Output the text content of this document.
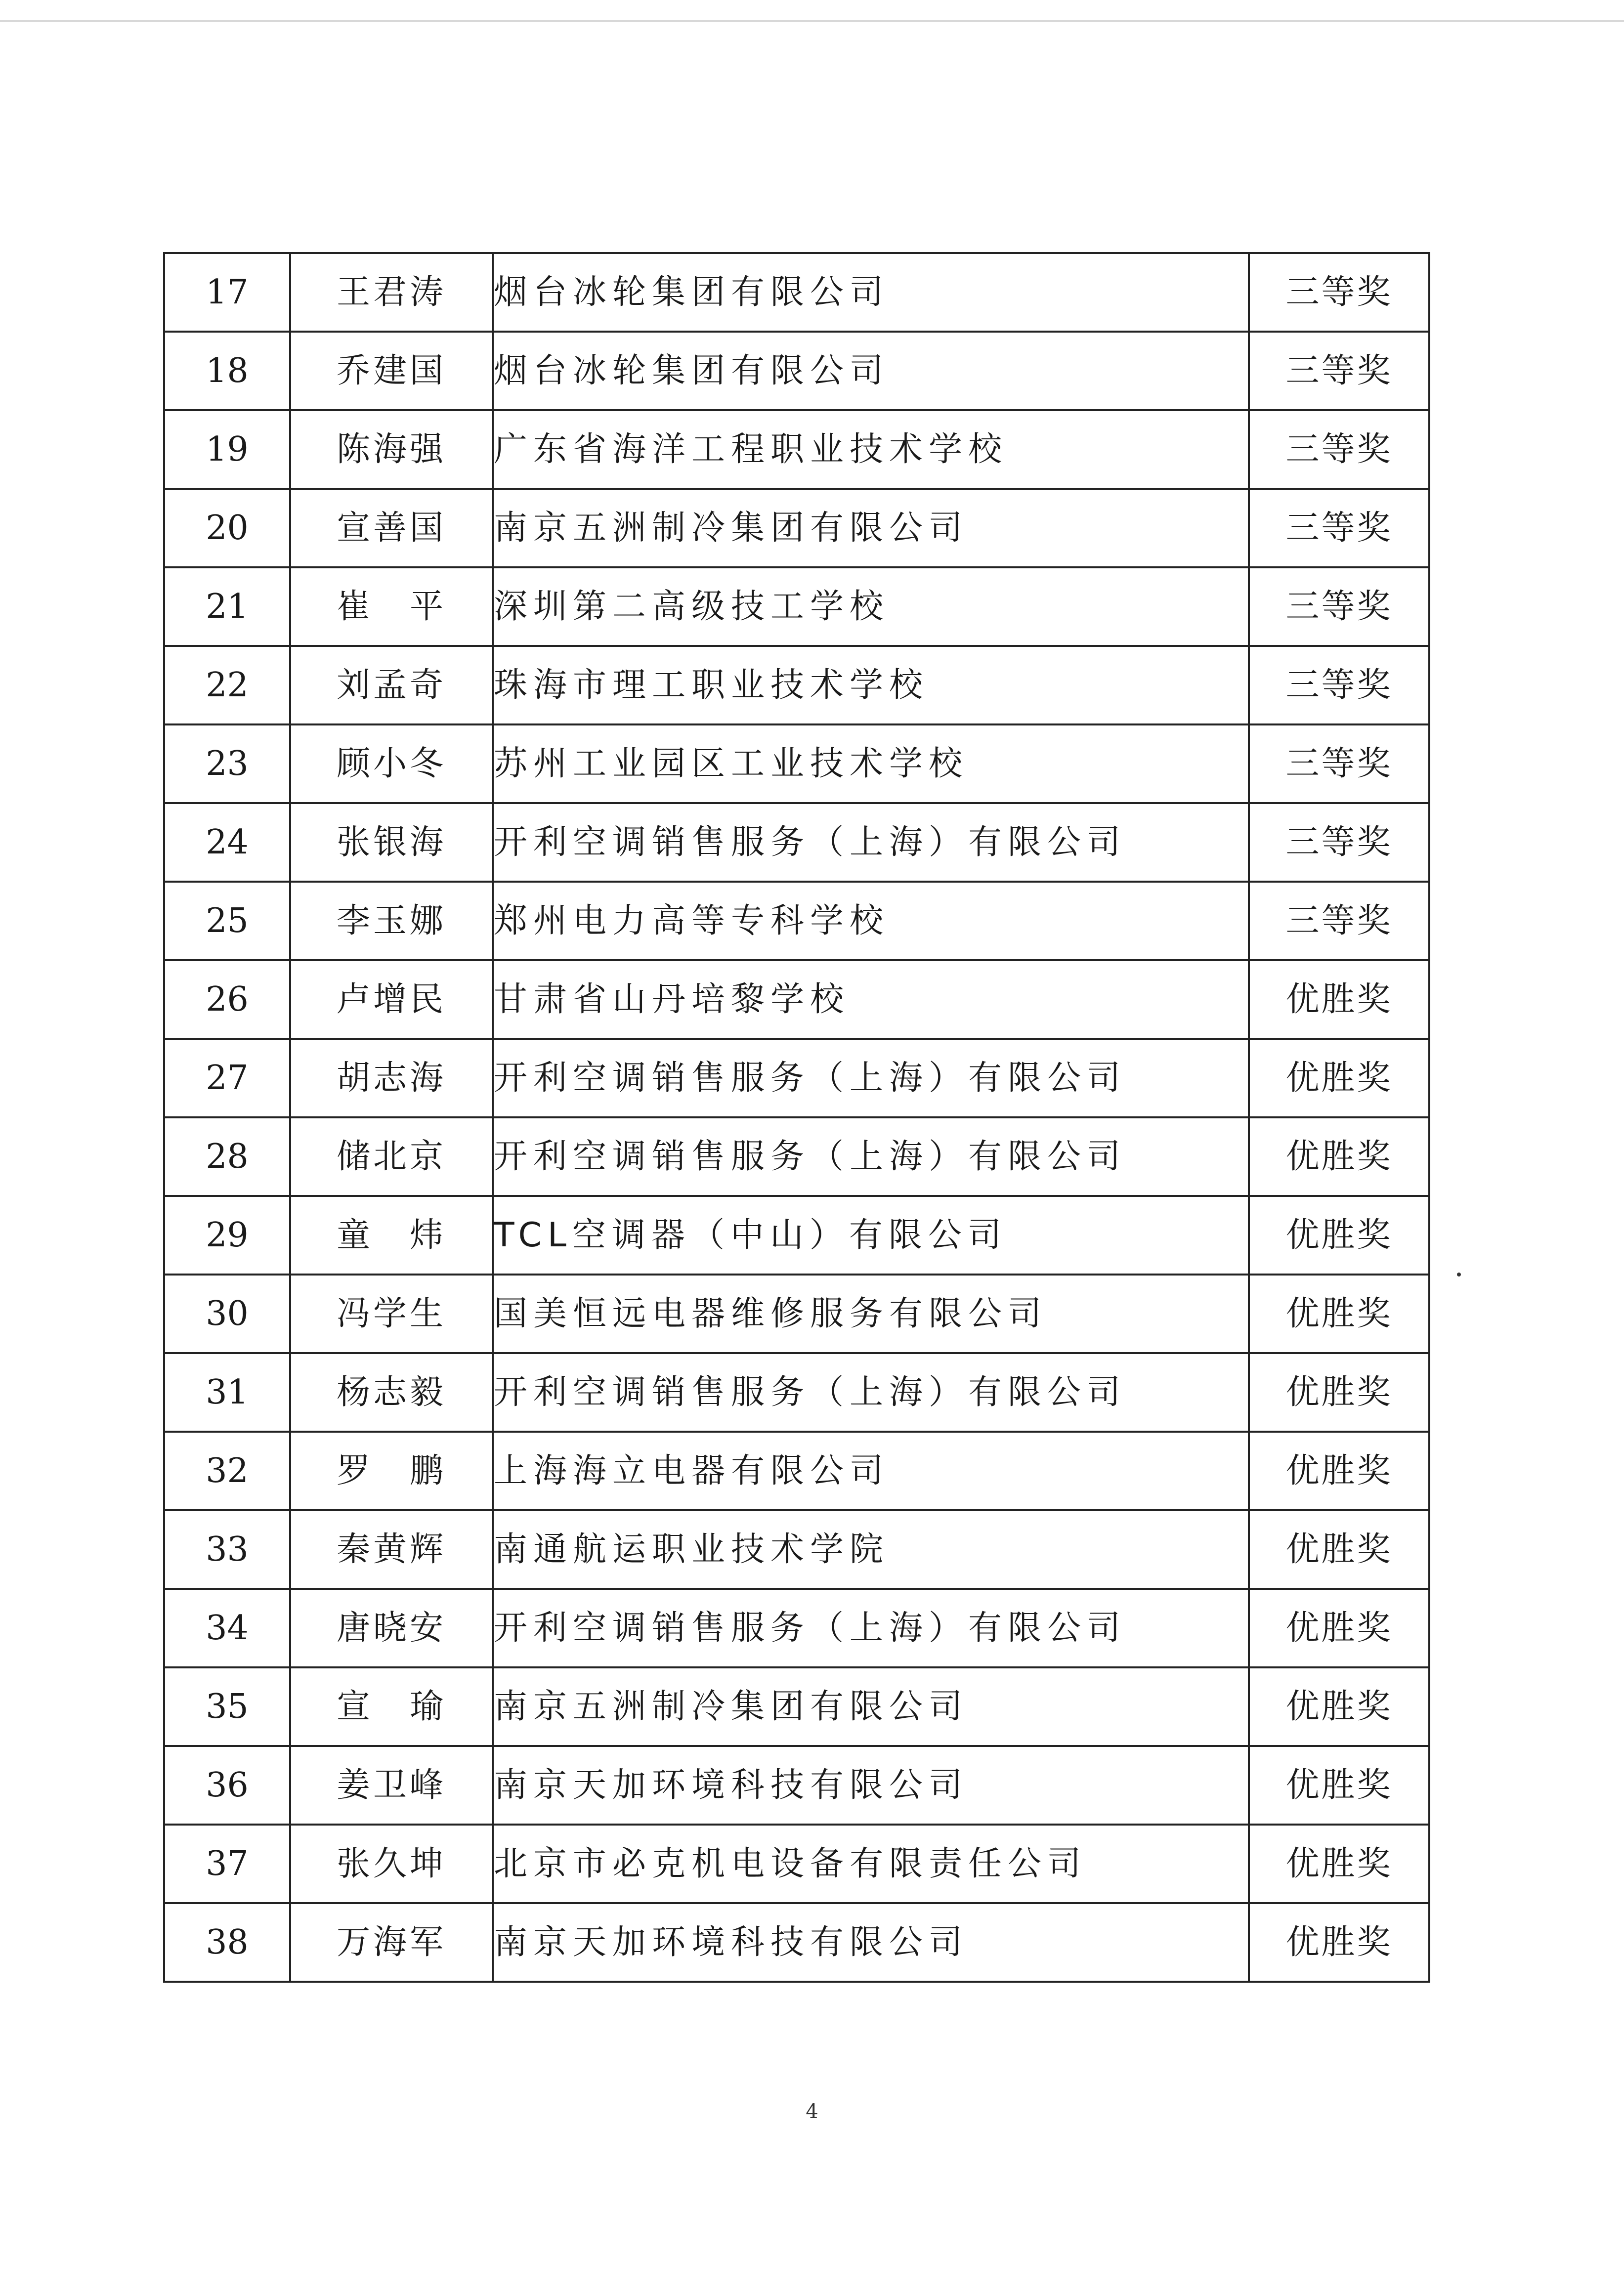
17	王君涛	烟台冰轮集团有限公司	三等奖
18	乔建国	烟台冰轮集团有限公司	三等奖
19	陈海强	广东省海洋工程职业技术学校	三等奖
20	宣善国	南京五洲制冷集团有限公司	三等奖
21	崔　平	深圳第二高级技工学校	三等奖
22	刘孟奇	珠海市理工职业技术学校	三等奖
23	顾小冬	苏州工业园区工业技术学校	三等奖
24	张银海	开利空调销售服务（上海）有限公司	三等奖
25	李玉娜	郑州电力高等专科学校	三等奖
26	卢增民	甘肃省山丹培黎学校	优胜奖
27	胡志海	开利空调销售服务（上海）有限公司	优胜奖
28	储北京	开利空调销售服务（上海）有限公司	优胜奖
29	童　炜	TCL空调器（中山）有限公司	优胜奖
30	冯学生	国美恒远电器维修服务有限公司	优胜奖
31	杨志毅	开利空调销售服务（上海）有限公司	优胜奖
32	罗　鹏	上海海立电器有限公司	优胜奖
33	秦黄辉	南通航运职业技术学院	优胜奖
34	唐晓安	开利空调销售服务（上海）有限公司	优胜奖
35	宣　瑜	南京五洲制冷集团有限公司	优胜奖
36	姜卫峰	南京天加环境科技有限公司	优胜奖
37	张久坤	北京市必克机电设备有限责任公司	优胜奖
38	万海军	南京天加环境科技有限公司	优胜奖
4
